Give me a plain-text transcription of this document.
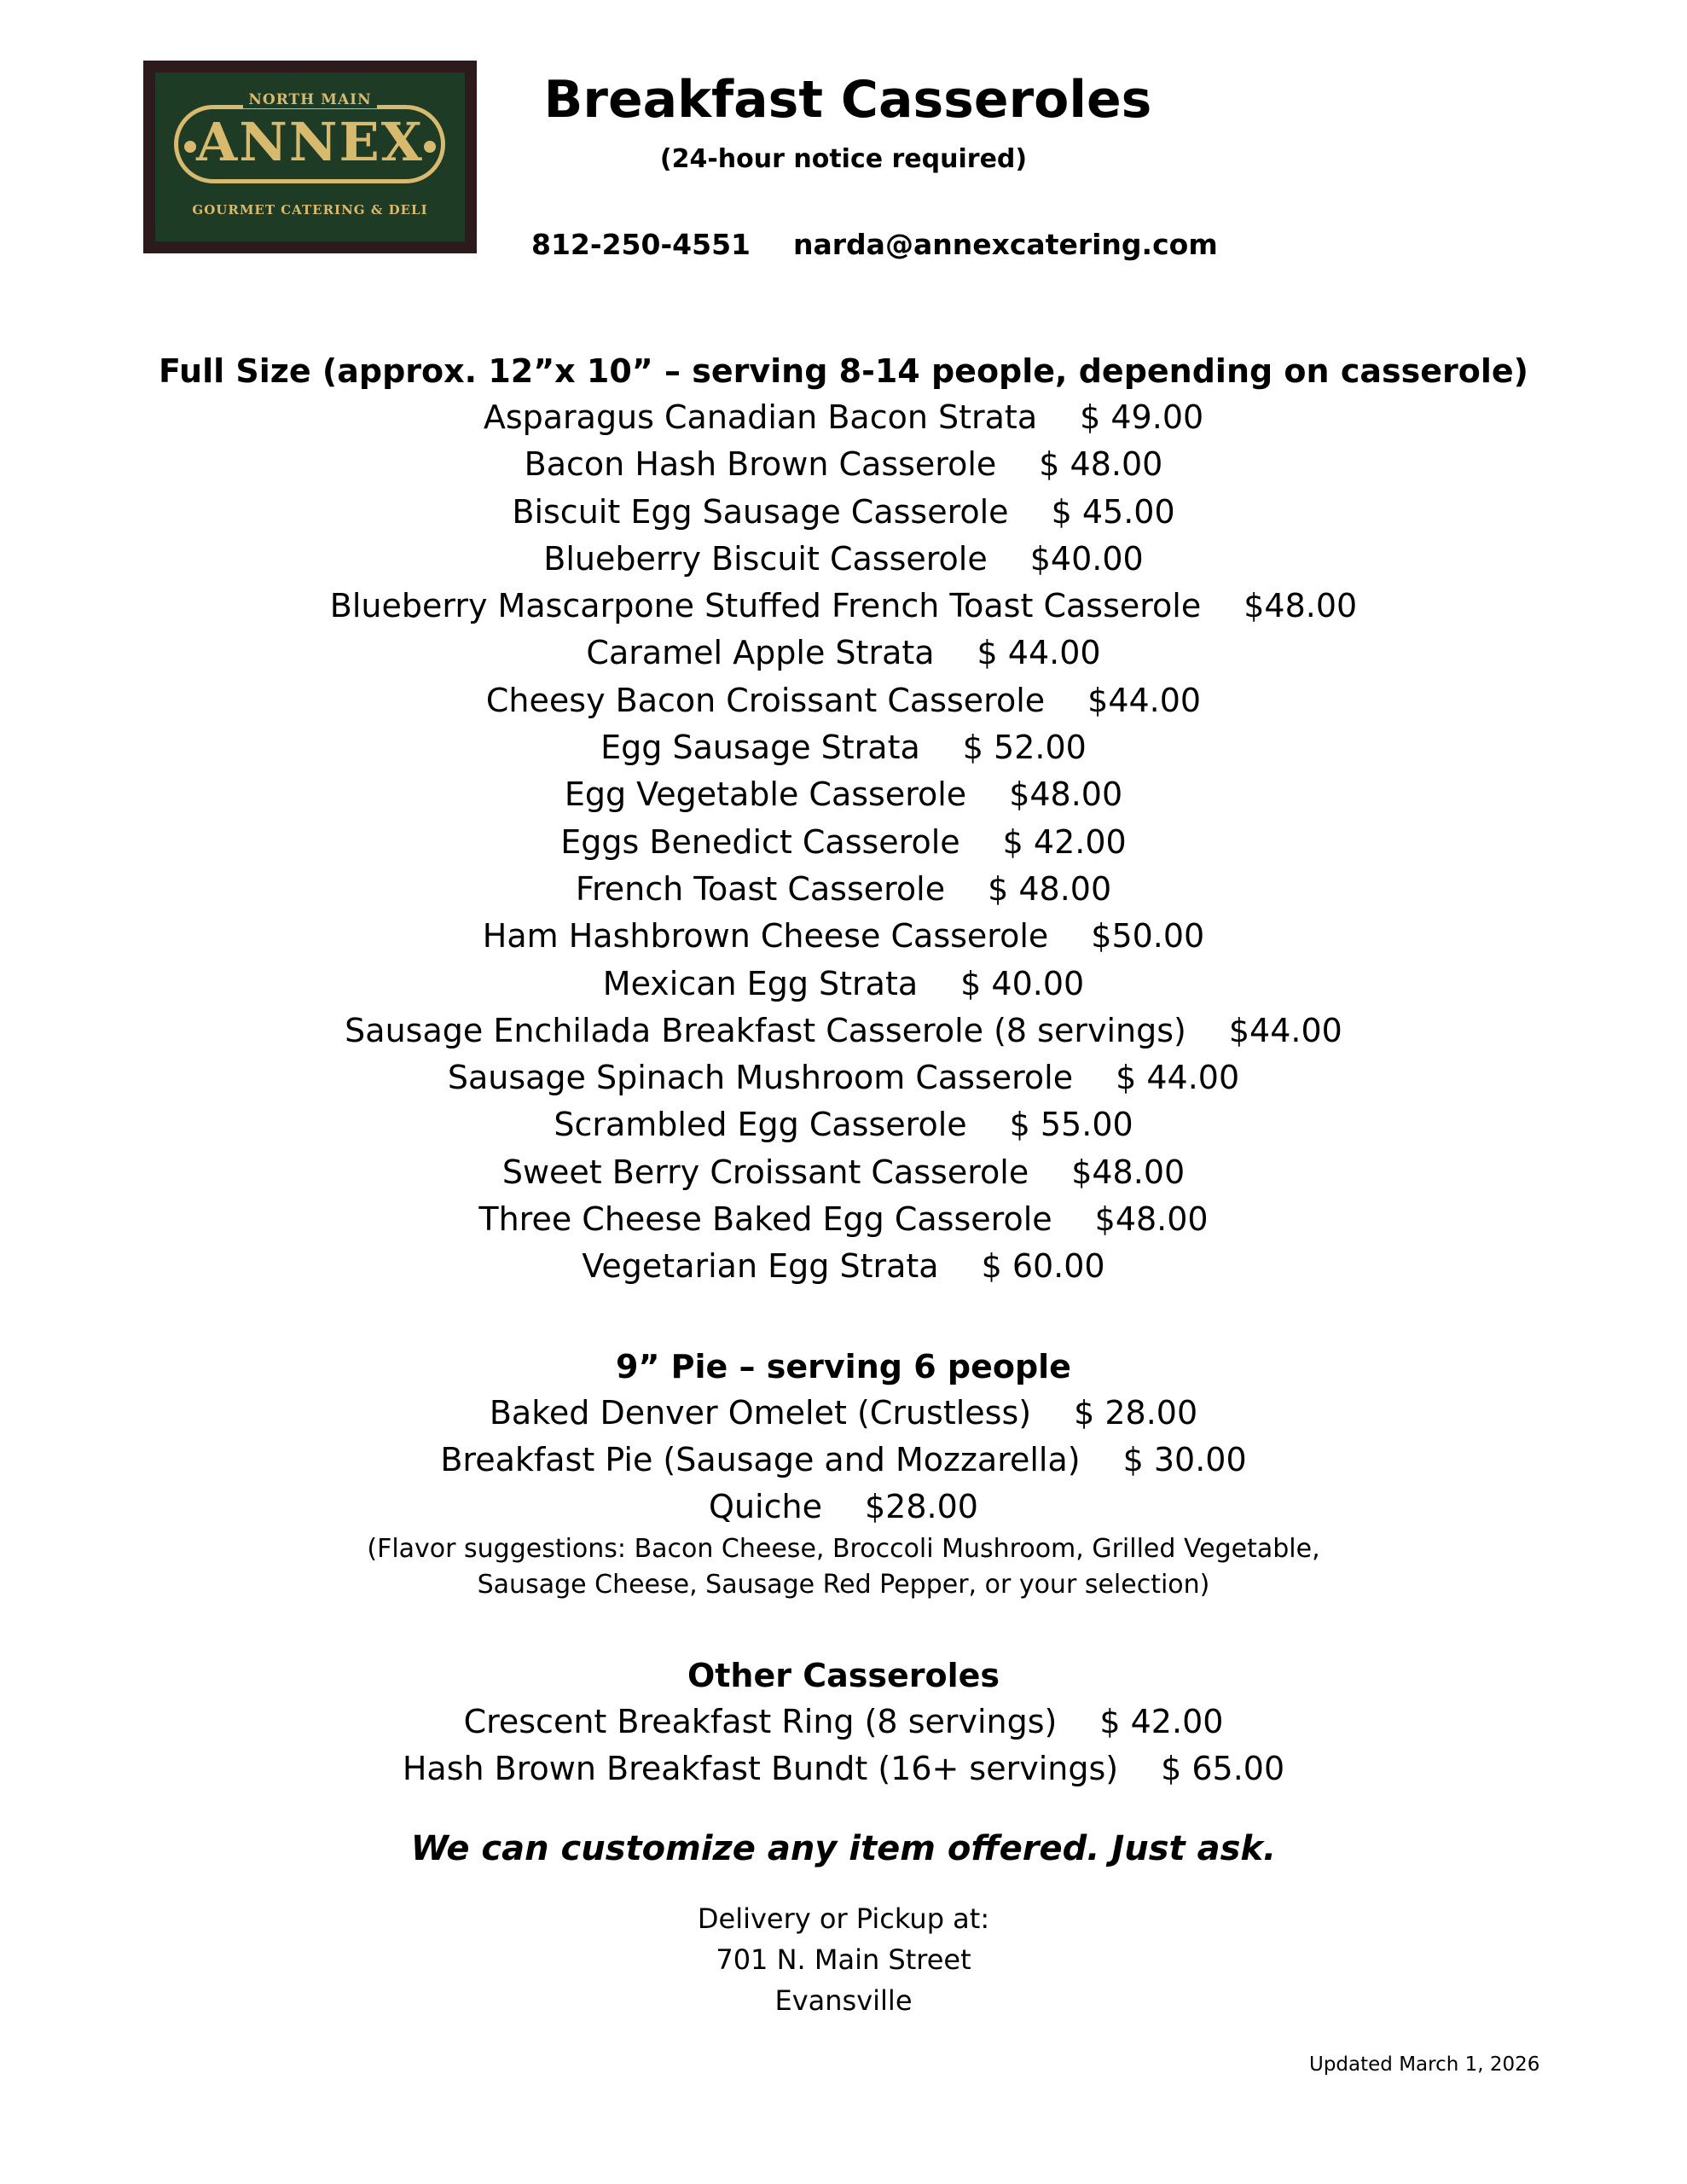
NORTH MAIN
ANNEX
GOURMET CATERING & DELI
Breakfast Casseroles
(24-hour notice required)
812-250-4551 narda@annexcatering.com
Full Size (approx. 12”x 10” – serving 8-14 people, depending on casserole)
Asparagus Canadian Bacon Strata $ 49.00
Bacon Hash Brown Casserole $ 48.00
Biscuit Egg Sausage Casserole $ 45.00
Blueberry Biscuit Casserole $40.00
Blueberry Mascarpone Stuffed French Toast Casserole $48.00
Caramel Apple Strata $ 44.00
Cheesy Bacon Croissant Casserole $44.00
Egg Sausage Strata $ 52.00
Egg Vegetable Casserole $48.00
Eggs Benedict Casserole $ 42.00
French Toast Casserole $ 48.00
Ham Hashbrown Cheese Casserole $50.00
Mexican Egg Strata $ 40.00
Sausage Enchilada Breakfast Casserole (8 servings) $44.00
Sausage Spinach Mushroom Casserole $ 44.00
Scrambled Egg Casserole $ 55.00
Sweet Berry Croissant Casserole $48.00
Three Cheese Baked Egg Casserole $48.00
Vegetarian Egg Strata $ 60.00
9” Pie – serving 6 people
Baked Denver Omelet (Crustless) $ 28.00
Breakfast Pie (Sausage and Mozzarella) $ 30.00
Quiche $28.00
(Flavor suggestions: Bacon Cheese, Broccoli Mushroom, Grilled Vegetable,
Sausage Cheese, Sausage Red Pepper, or your selection)
Other Casseroles
Crescent Breakfast Ring (8 servings) $ 42.00
Hash Brown Breakfast Bundt (16+ servings) $ 65.00
We can customize any item offered. Just ask.
Delivery or Pickup at:
701 N. Main Street
Evansville
Updated March 1, 2026
